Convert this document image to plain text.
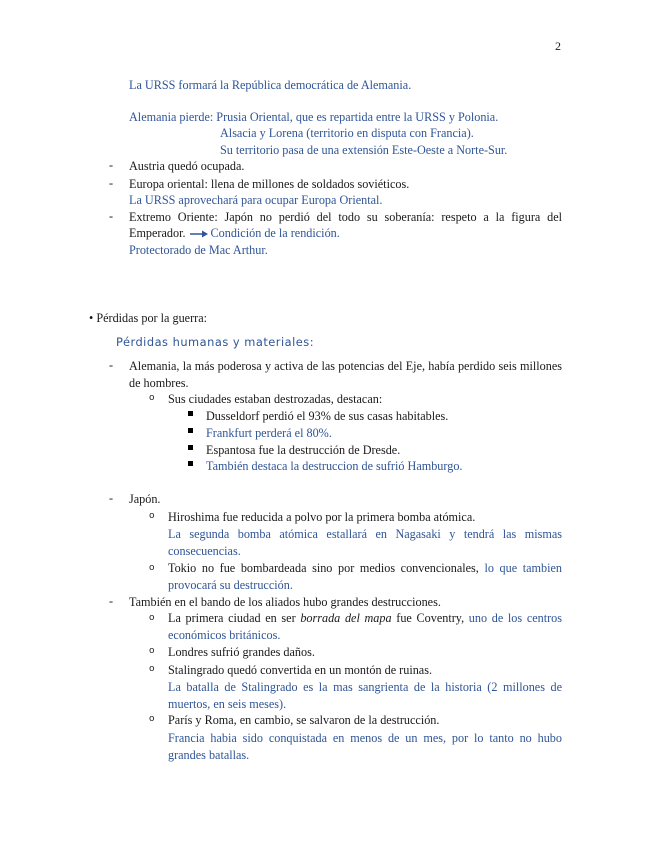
2
La URSS formará la República democrática de Alemania.
Alemania pierde: Prusia Oriental, que es repartida entre la URSS y Polonia.
Alsacia y Lorena (territorio en disputa con Francia).
Su territorio pasa de una extensión Este-Oeste a Norte-Sur.
- Austria quedó ocupada.
- Europa oriental: llena de millones de soldados soviéticos.
La URSS aprovechará para ocupar Europa Oriental.
- Extremo Oriente: Japón no perdió del todo su soberanía: respeto a la figura del
Emperador. Condición de la rendición.
Protectorado de Mac Arthur.
• Pérdidas por la guerra:
Pérdidas humanas y materiales:
- Alemania, la más poderosa y activa de las potencias del Eje, había perdido seis millones de hombres.
o Sus ciudades estaban destrozadas, destacan:
Dusseldorf perdió el 93% de sus casas habitables.
Frankfurt perderá el 80%.
Espantosa fue la destrucción de Dresde.
También destaca la destruccion de sufrió Hamburgo.
- Japón.
o Hiroshima fue reducida a polvo por la primera bomba atómica.
La segunda bomba atómica estallará en Nagasaki y tendrá las mismas consecuencias.
o Tokio no fue bombardeada sino por medios convencionales, lo que tambien provocará su destrucción.
- También en el bando de los aliados hubo grandes destrucciones.
o La primera ciudad en ser borrada del mapa fue Coventry, uno de los centros económicos británicos.
o Londres sufrió grandes daños.
o Stalingrado quedó convertida en un montón de ruinas.
La batalla de Stalingrado es la mas sangrienta de la historia (2 millones de muertos, en seis meses).
o París y Roma, en cambio, se salvaron de la destrucción.
Francia habia sido conquistada en menos de un mes, por lo tanto no hubo grandes batallas.
